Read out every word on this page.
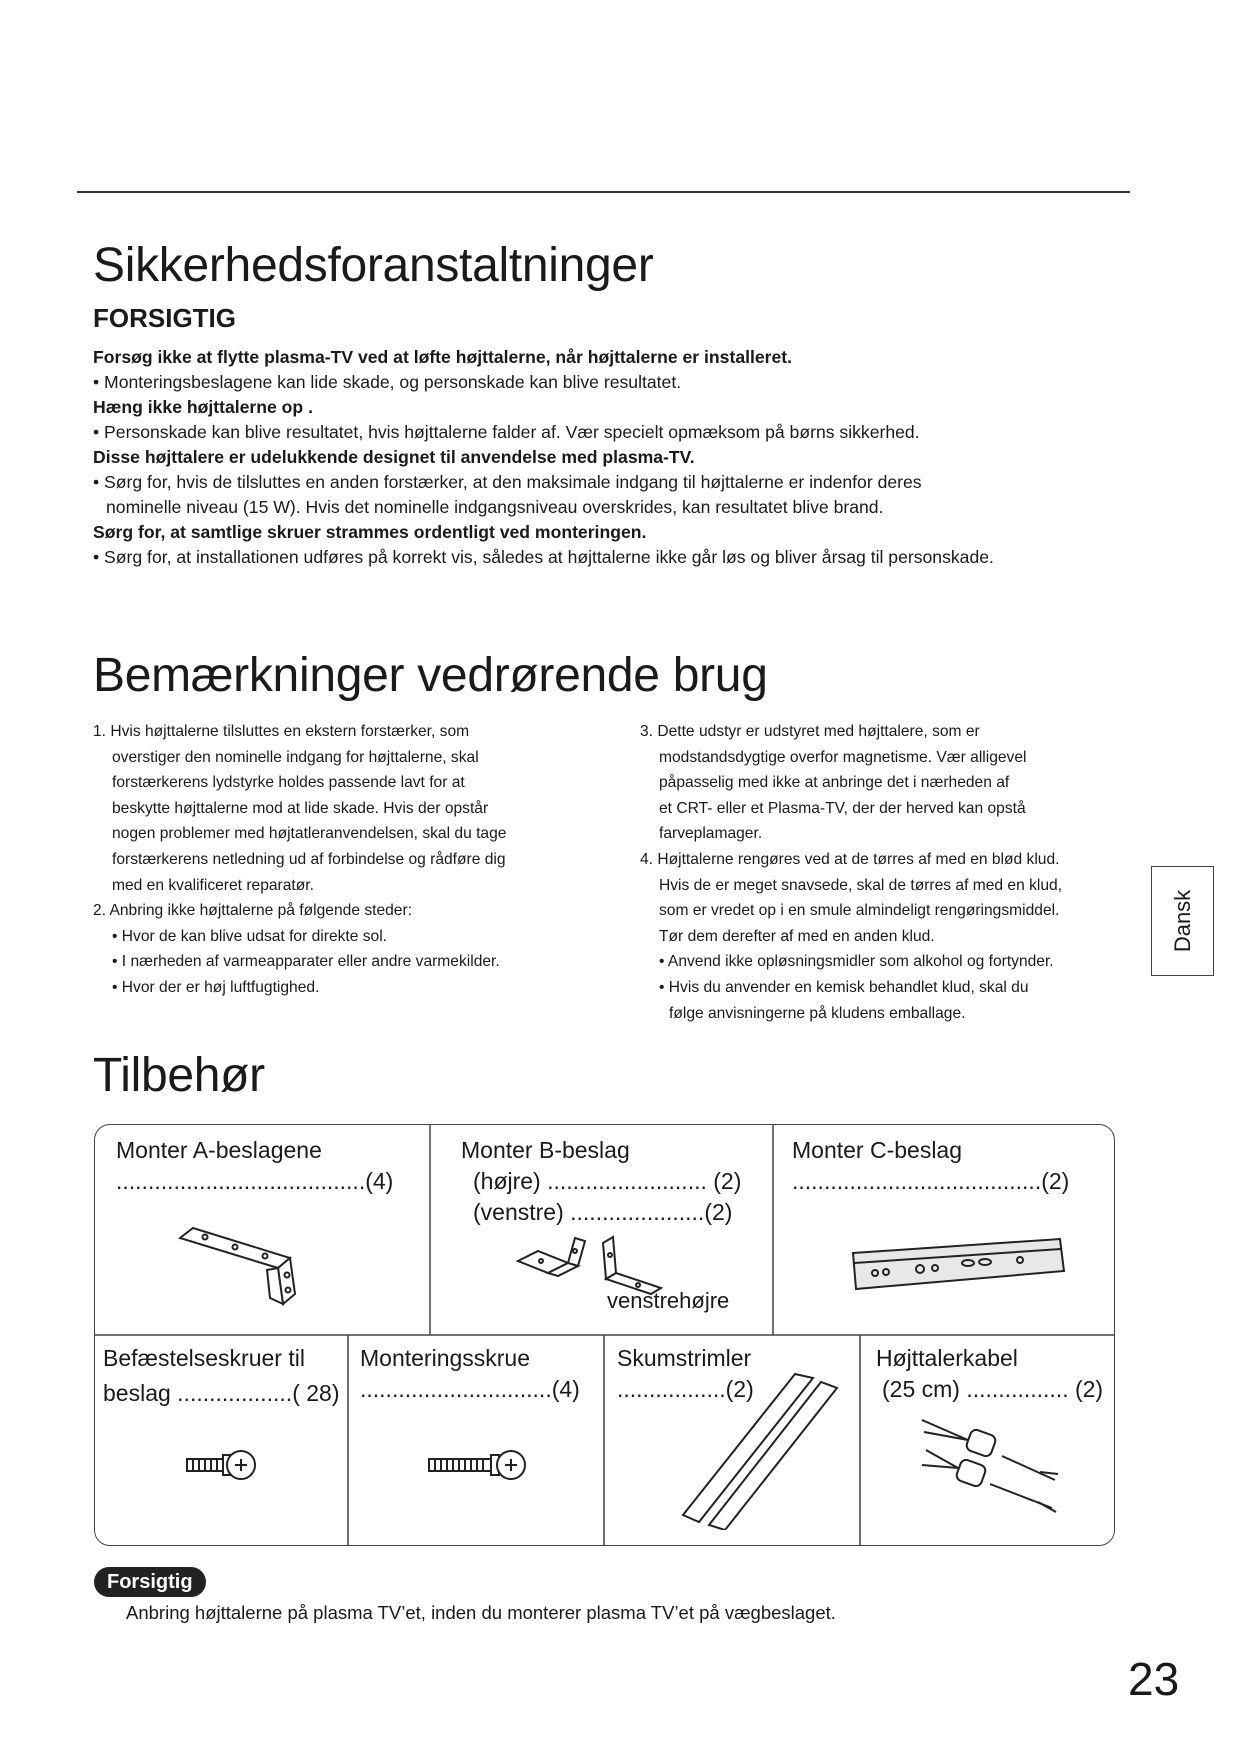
Sikkerhedsforanstaltninger
FORSIGTIG
Forsøg ikke at flytte plasma-TV ved at løfte højttalerne, når højttalerne er installeret.
• Monteringsbeslagene kan lide skade, og personskade kan blive resultatet.
Hæng ikke højttalerne op .
• Personskade kan blive resultatet, hvis højttalerne falder af. Vær specielt opmæksom på børns sikkerhed.
Disse højttalere er udelukkende designet til anvendelse med plasma-TV.
• Sørg for, hvis de tilsluttes en anden forstærker, at den maksimale indgang til højttalerne er indenfor deres
nominelle niveau (15 W). Hvis det nominelle indgangsniveau overskrides, kan resultatet blive brand.
Sørg for, at samtlige skruer strammes ordentligt ved monteringen.
• Sørg for, at installationen udføres på korrekt vis, således at højttalerne ikke går løs og bliver årsag til personskade.
Bemærkninger vedrørende brug

1. Hvis højttalerne tilsluttes en ekstern forstærker, som

overstiger den nominelle indgang for højttalerne, skal

forstærkerens lydstyrke holdes passende lavt for at

beskytte højttalerne mod at lide skade. Hvis der opstår

nogen problemer med højtatleranvendelsen, skal du tage

forstærkerens netledning ud af forbindelse og rådføre dig

med en kvalificeret reparatør.

2. Anbring ikke højttalerne på følgende steder:

• Hvor de kan blive udsat for direkte sol.

• I nærheden af varmeapparater eller andre varmekilder.

• Hvor der er høj luftfugtighed.

3. Dette udstyr er udstyret med højttalere, som er

modstandsdygtige overfor magnetisme. Vær alligevel

påpasselig med ikke at anbringe det i nærheden af

et CRT- eller et Plasma-TV, der der herved kan opstå

farveplamager.

4. Højttalerne rengøres ved at de tørres af med en blød klud.

Hvis de er meget snavsede, skal de tørres af med en klud,

som er vredet op i en smule almindeligt rengøringsmiddel.

Tør dem derefter af med en anden klud.

• Anvend ikke opløsningsmidler som alkohol og fortynder.

• Hvis du anvender en kemisk behandlet klud, skal du

følge anvisningerne på kludens emballage.

Dansk
Tilbehør
Monter A-beslagene
.......................................(4)
Monter B-beslag
(højre) ......................... (2)
(venstre) .....................(2)
venstrehøjre
Monter C-beslag
.......................................(2)
Befæstelseskruer til
beslag ..................( 28)
Monteringsskrue
..............................(4)
Skumstrimler
.................(2)
Højttalerkabel
(25 cm) ................ (2)
Forsigtig
Anbring højttalerne på plasma TV’et, inden du monterer plasma TV’et på vægbeslaget.
23
